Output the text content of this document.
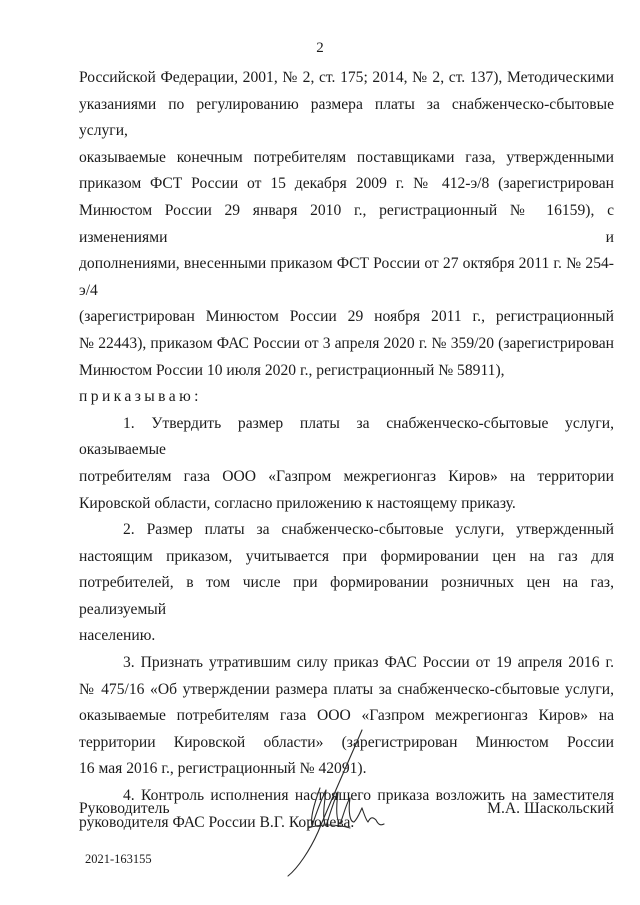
2

Российской Федерации, 2001, № 2, ст. 175; 2014, № 2, ст. 137), Методическими
указаниями по регулированию размера платы за снабженческо-сбытовые услуги,
оказываемые конечным потребителям поставщиками газа, утвержденными
приказом ФСТ России от 15 декабря 2009 г. № 412-э/8 (зарегистрирован
Минюстом России 29 января 2010 г., регистрационный № 16159), с изменениями и
дополнениями, внесенными приказом ФСТ России от 27 октября 2011 г. № 254-э/4
(зарегистрирован Минюстом России 29 ноября 2011 г., регистрационный
№ 22443), приказом ФАС России от 3 апреля 2020 г. № 359/20 (зарегистрирован
Минюстом России 10 июля 2020 г., регистрационный № 58911),

приказываю:

1. Утвердить размер платы за снабженческо-сбытовые услуги, оказываемые
потребителям газа ООО «Газпром межрегионгаз Киров» на территории
Кировской области, согласно приложению к настоящему приказу.

2. Размер платы за снабженческо-сбытовые услуги, утвержденный
настоящим приказом, учитывается при формировании цен на газ для
потребителей, в том числе при формировании розничных цен на газ, реализуемый
населению.

3. Признать утратившим силу приказ ФАС России от 19 апреля 2016 г.
№ 475/16 «Об утверждении размера платы за снабженческо-сбытовые услуги,
оказываемые потребителям газа ООО «Газпром межрегионгаз Киров» на
территории Кировской области» (зарегистрирован Минюстом России
16 мая 2016 г., регистрационный № 42091).

4. Контроль исполнения настоящего приказа возложить на заместителя
руководителя ФАС России В.Г. Королева.

Руководитель	М.А. Шаскольский
2021-163155
